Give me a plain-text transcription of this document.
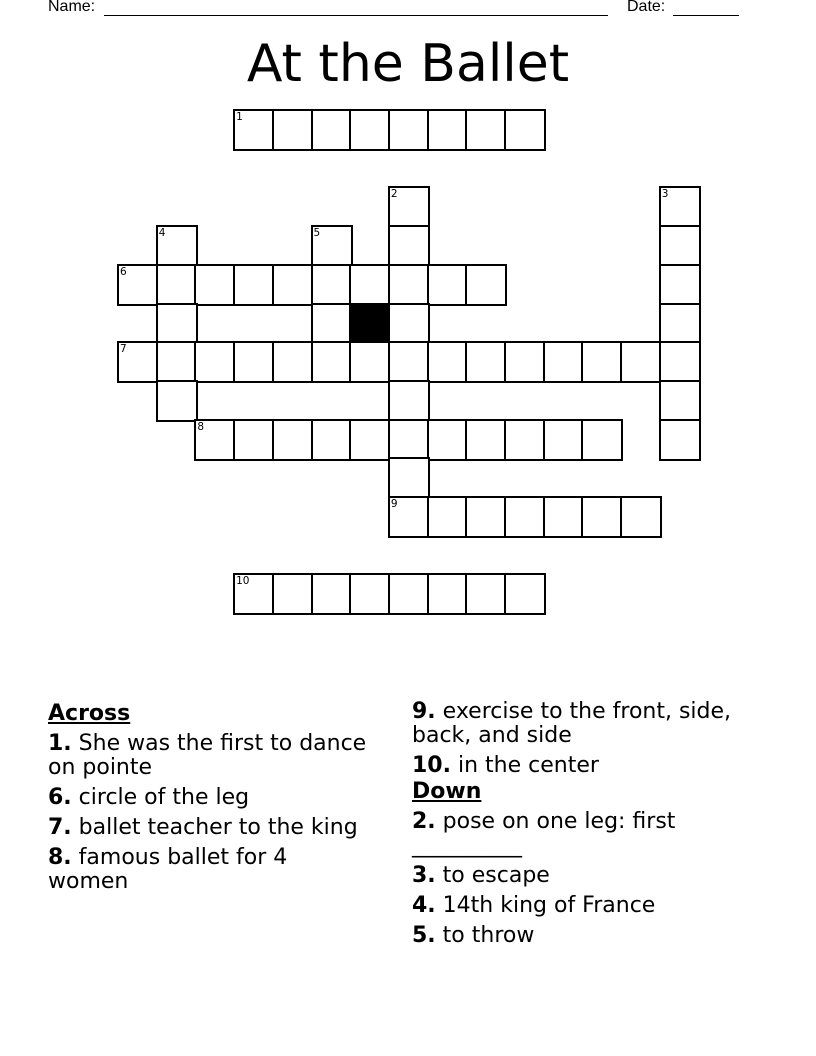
Name:	Date:
At the Ballet
1
2	3
4	5
6
7
8
9
10
Across
1. She was the first to dance on pointe
6. circle of the leg
7. ballet teacher to the king
8. famous ballet for 4 women
9. exercise to the front, side, back, and side
10. in the center
Down
2. pose on one leg: first __________
3. to escape
4. 14th king of France
5. to throw
